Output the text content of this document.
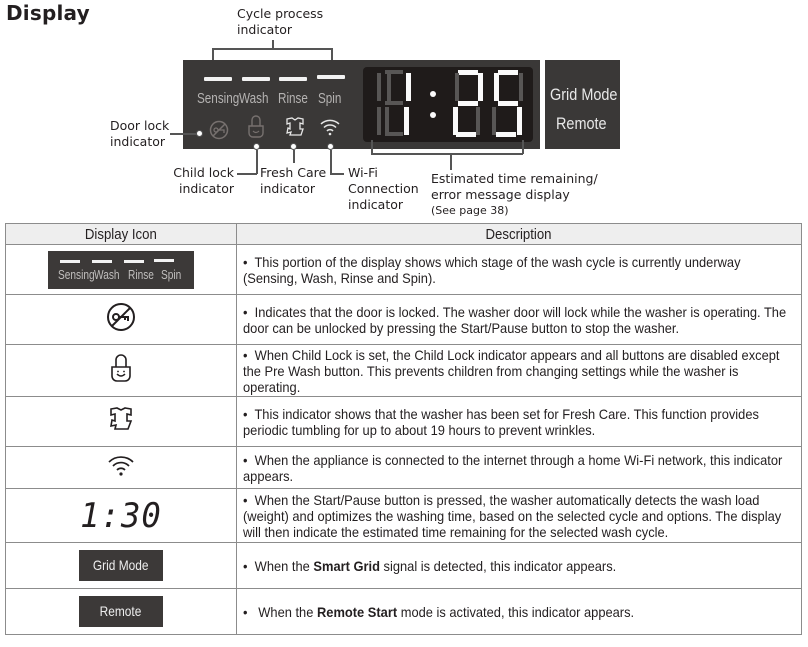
Display	Cycle process
indicator
Sensing Wash Rinse Spin	Grid Mode
Remote
Door lock
indicator
Child lock
indicator
Fresh Care
indicator
Wi-Fi
Connection
indicator
Estimated time remaining/
error message display
(See page 38)
Display Icon	Description

Sensing Wash Rinse Spin	•  This portion of the display shows which stage of the wash cycle is currently underway (Sensing, Wash, Rinse and Spin).
	•  Indicates that the door is locked. The washer door will lock while the washer is operating. The door can be unlocked by pressing the Start/Pause button to stop the washer.
	•  When Child Lock is set, the Child Lock indicator appears and all buttons are disabled except the Pre Wash button. This prevents children from changing settings while the washer is operating.
	•  This indicator shows that the washer has been set for Fresh Care. This function provides periodic tumbling for up to about 19 hours to prevent wrinkles.
	•  When the appliance is connected to the internet through a home Wi-Fi network, this indicator appears.
1:30	•  When the Start/Pause button is pressed, the washer automatically detects the wash load (weight) and optimizes the washing time, based on the selected cycle and options. The display will then indicate the estimated time remaining for the selected wash cycle.
Grid Mode	•  When the Smart Grid signal is detected, this indicator appears.
Remote	•   When the Remote Start mode is activated, this indicator appears.
